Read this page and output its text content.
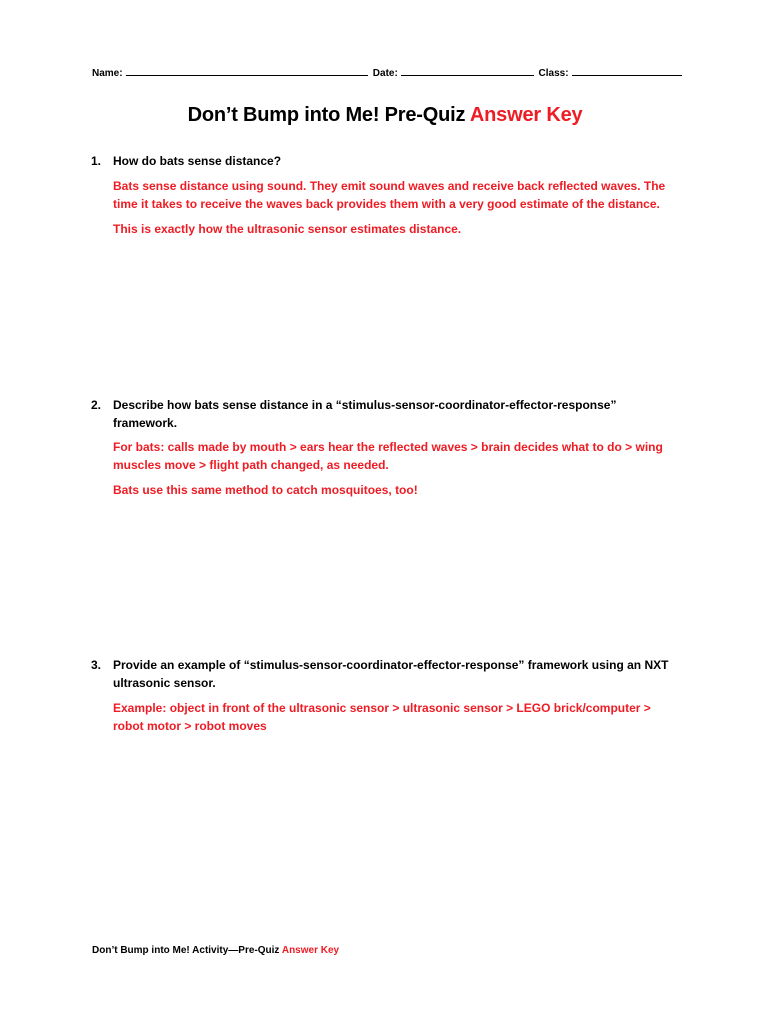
Name:	Date:	Class:
Don’t Bump into Me! Pre-Quiz Answer Key
1. How do bats sense distance?
Bats sense distance using sound. They emit sound waves and receive back reflected waves. The time it takes to receive the waves back provides them with a very good estimate of the distance.
This is exactly how the ultrasonic sensor estimates distance.
2. Describe how bats sense distance in a “stimulus-sensor-coordinator-effector-response” framework.
For bats: calls made by mouth > ears hear the reflected waves > brain decides what to do > wing muscles move > flight path changed, as needed.
Bats use this same method to catch mosquitoes, too!
3. Provide an example of “stimulus-sensor-coordinator-effector-response” framework using an NXT ultrasonic sensor.
Example: object in front of the ultrasonic sensor > ultrasonic sensor > LEGO brick/computer > robot motor > robot moves
Don’t Bump into Me! Activity—Pre-Quiz Answer Key
